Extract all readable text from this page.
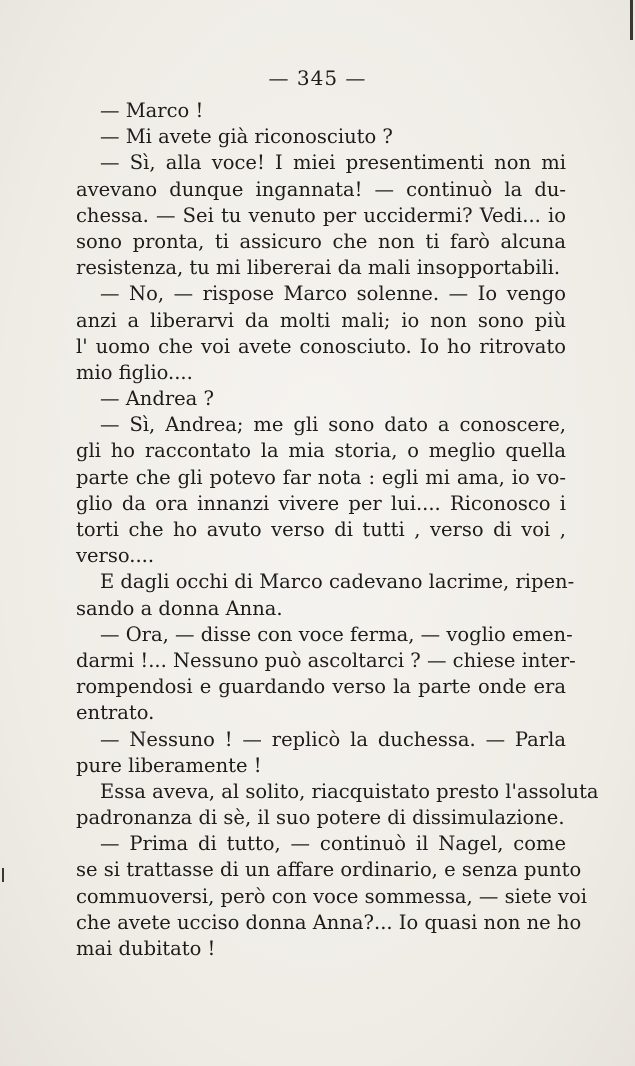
— 345 —
— Marco !
— Mi avete già riconosciuto ?
— Sì, alla voce! I miei presentimenti non mi
avevano dunque ingannata! — continuò la du-
chessa. — Sei tu venuto per uccidermi? Vedi... io
sono pronta, ti assicuro che non ti farò alcuna
resistenza, tu mi libererai da mali insopportabili.
— No, — rispose Marco solenne. — Io vengo
anzi a liberarvi da molti mali; io non sono più
l' uomo che voi avete conosciuto. Io ho ritrovato
mio figlio....
— Andrea ?
— Sì, Andrea; me gli sono dato a conoscere,
gli ho raccontato la mia storia, o meglio quella
parte che gli potevo far nota : egli mi ama, io vo-
glio da ora innanzi vivere per lui.... Riconosco i
torti che ho avuto verso di tutti , verso di voi ,
verso....
E dagli occhi di Marco cadevano lacrime, ripen-
sando a donna Anna.
— Ora, — disse con voce ferma, — voglio emen-
darmi !... Nessuno può ascoltarci ? — chiese inter-
rompendosi e guardando verso la parte onde era
entrato.
— Nessuno ! — replicò la duchessa. — Parla
pure liberamente !
Essa aveva, al solito, riacquistato presto l'assoluta
padronanza di sè, il suo potere di dissimulazione.
— Prima di tutto, — continuò il Nagel, come
se si trattasse di un affare ordinario, e senza punto
commuoversi, però con voce sommessa, — siete voi
che avete ucciso donna Anna?... Io quasi non ne ho
mai dubitato !
